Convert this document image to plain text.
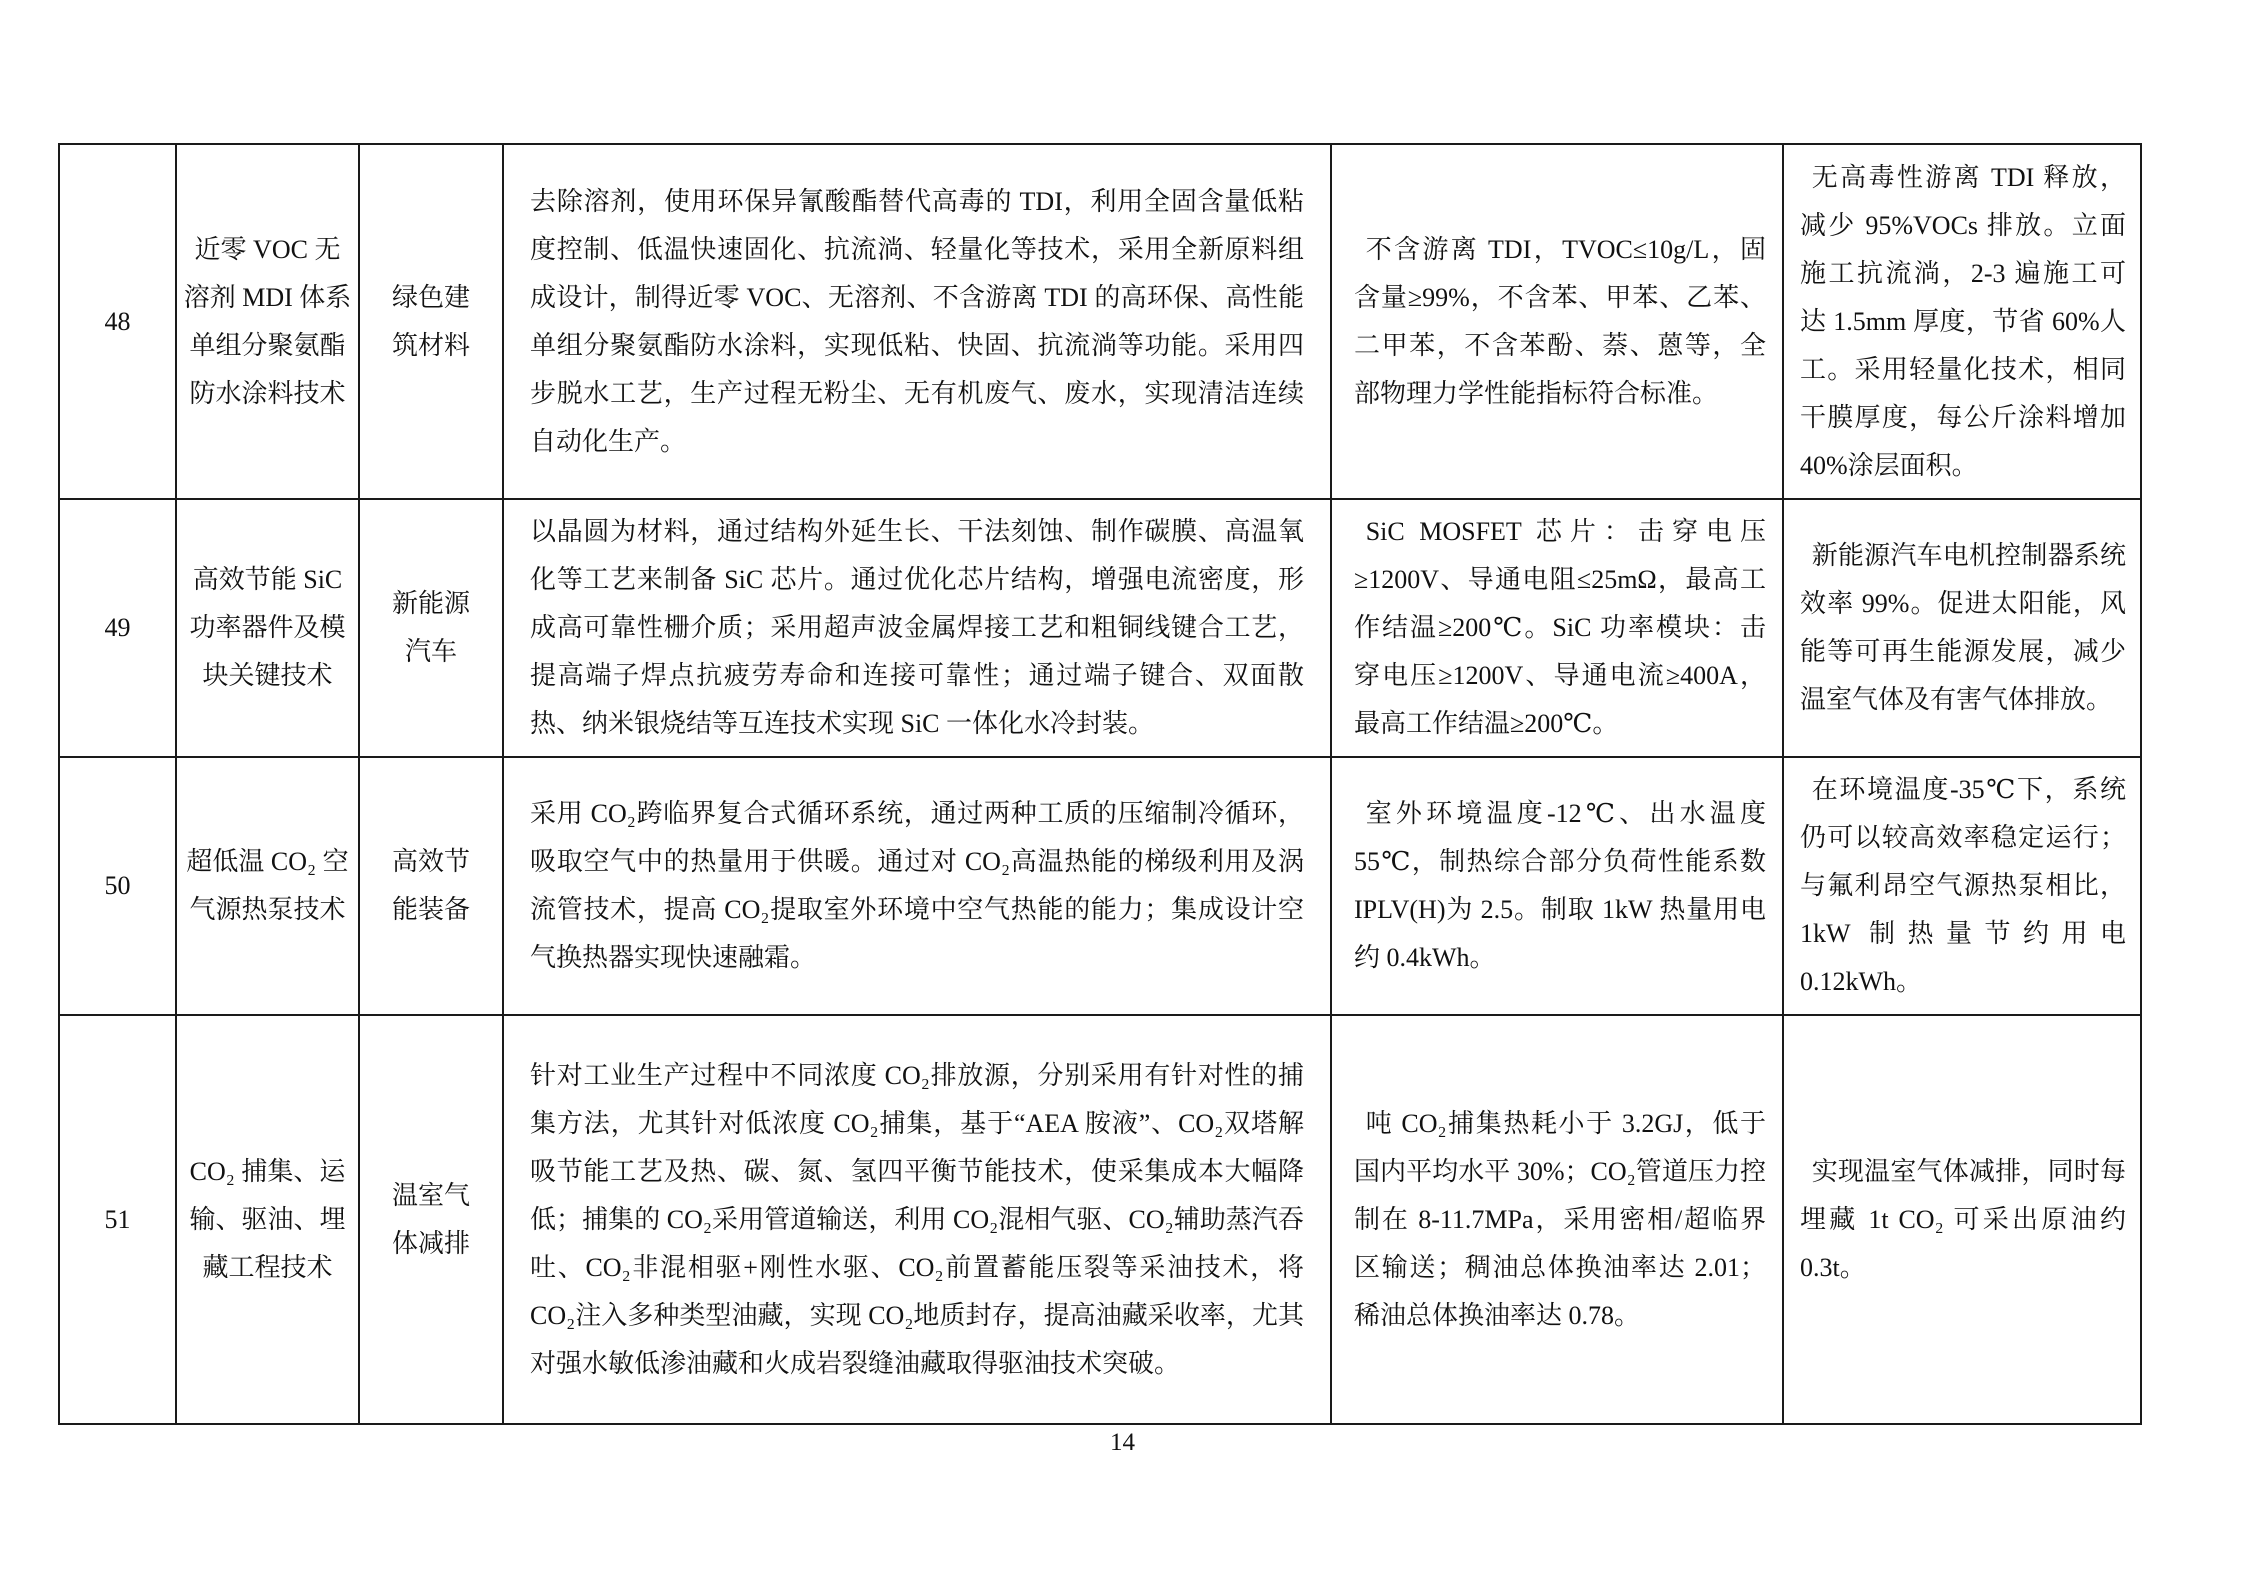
48	近零 VOC 无溶剂 MDI 体系单组分聚氨酯防水涂料技术	绿色建筑材料	去除溶剂，使用环保异氰酸酯替代高毒的 TDI，利用全固含量低粘度控制、低温快速固化、抗流淌、轻量化等技术，采用全新原料组成设计，制得近零 VOC、无溶剂、不含游离 TDI 的高环保、高性能单组分聚氨酯防水涂料，实现低粘、快固、抗流淌等功能。采用四步脱水工艺，生产过程无粉尘、无有机废气、废水，实现清洁连续自动化生产。	不含游离 TDI，TVOC≤10g/L，固含量≥99%，不含苯、甲苯、乙苯、二甲苯，不含苯酚、萘、蒽等，全部物理力学性能指标符合标准。	无高毒性游离 TDI 释放，减少 95%VOCs 排放。立面施工抗流淌，2-3 遍施工可达 1.5mm 厚度，节省 60%人工。采用轻量化技术，相同干膜厚度，每公斤涂料增加 40%涂层面积。
49	高效节能 SiC 功率器件及模块关键技术	新能源汽车	以晶圆为材料，通过结构外延生长、干法刻蚀、制作碳膜、高温氧化等工艺来制备 SiC 芯片。通过优化芯片结构，增强电流密度，形成高可靠性栅介质；采用超声波金属焊接工艺和粗铜线键合工艺，提高端子焊点抗疲劳寿命和连接可靠性；通过端子键合、双面散热、纳米银烧结等互连技术实现 SiC 一体化水冷封装。	SiC MOSFET 芯片：击穿电压≥1200V、导通电阻≤25mΩ，最高工作结温≥200℃。SiC 功率模块：击穿电压≥1200V、导通电流≥400A，最高工作结温≥200℃。	新能源汽车电机控制器系统效率 99%。促进太阳能，风能等可再生能源发展，减少温室气体及有害气体排放。
50	超低温 CO₂ 空气源热泵技术	高效节能装备	采用 CO₂跨临界复合式循环系统，通过两种工质的压缩制冷循环，吸取空气中的热量用于供暖。通过对 CO₂高温热能的梯级利用及涡流管技术，提高 CO₂提取室外环境中空气热能的能力；集成设计空气换热器实现快速融霜。	室外环境温度-12℃、出水温度 55℃，制热综合部分负荷性能系数 IPLV(H)为 2.5。制取 1kW 热量用电约 0.4kWh。	在环境温度-35℃下，系统仍可以较高效率稳定运行；与氟利昂空气源热泵相比，1kW 制热量节约用电 0.12kWh。
51	CO₂ 捕集、运输、驱油、埋藏工程技术	温室气体减排	针对工业生产过程中不同浓度 CO₂排放源，分别采用有针对性的捕集方法，尤其针对低浓度 CO₂捕集，基于“AEA 胺液”、CO₂双塔解吸节能工艺及热、碳、氮、氢四平衡节能技术，使采集成本大幅降低；捕集的 CO₂采用管道输送，利用 CO₂混相气驱、CO₂辅助蒸汽吞吐、CO₂非混相驱+刚性水驱、CO₂前置蓄能压裂等采油技术，将 CO₂注入多种类型油藏，实现 CO₂地质封存，提高油藏采收率，尤其对强水敏低渗油藏和火成岩裂缝油藏取得驱油技术突破。	吨 CO₂捕集热耗小于 3.2GJ，低于国内平均水平 30%；CO₂管道压力控制在 8-11.7MPa，采用密相/超临界区输送；稠油总体换油率达 2.01；稀油总体换油率达 0.78。	实现温室气体减排，同时每埋藏 1t CO₂ 可采出原油约 0.3t。
14
